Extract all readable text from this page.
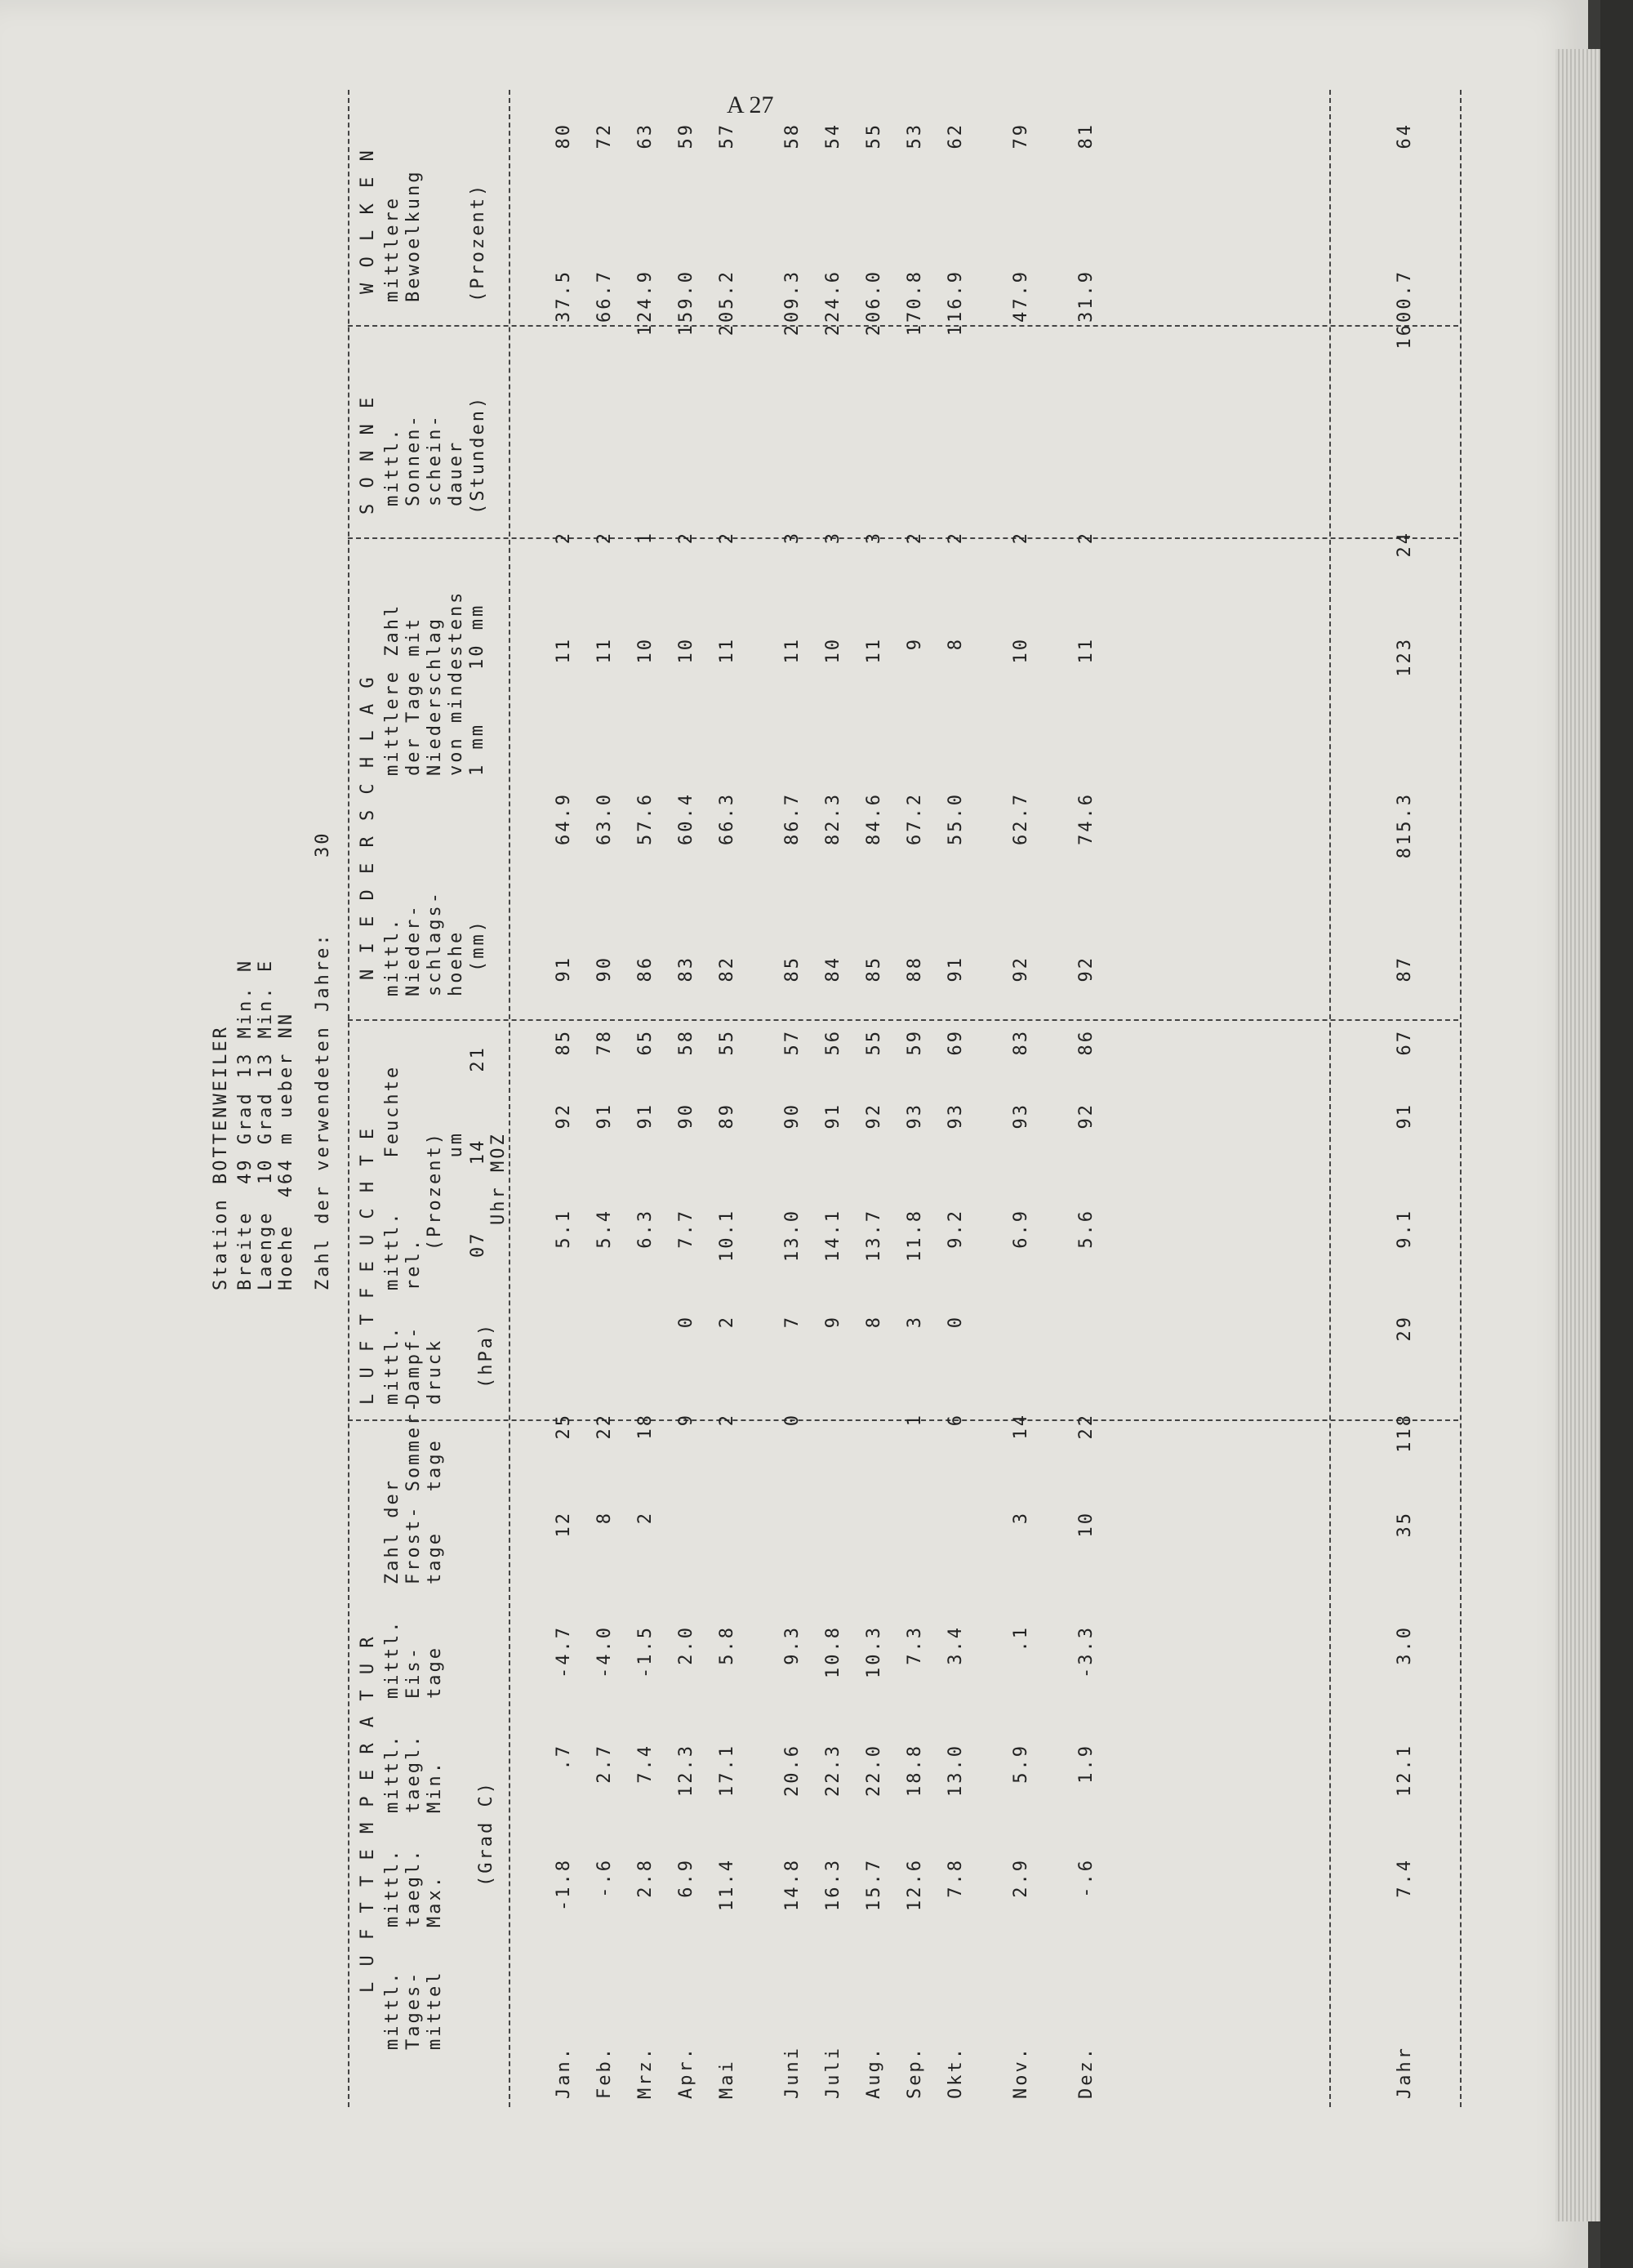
A 27
Station BOTTENWEILER Breite  49 Grad 13 Min. N Laenge  10 Grad 13 Min. E Hoehe  464 m ueber NN Zahl der verwendeten Jahre:
30
L U F T T E M P E R A T U R
L U F T F E U C H T E
N I E D E R S C H L A G
S O N N E
W O L K E N
mittl.
Tages-
mittel
mittl.
taegl.
Max.
mittl.
taegl.
Min.
mittl.
Eis-
tage
Zahl der
Frost- Sommer-
tage   tage
mittl.
Dampf-
druck
mittl.    Feuchte
rel.
(Prozent)
um
mittl.
Nieder-
schlags-
hoehe
mittlere Zahl
der Tage mit
Niederschlag
von mindestens
1 mm    10 mm
mittl.
Sonnen-
schein-
dauer
mittlere
Bewoelkung
(Grad C)
(hPa)
07     14     21 Uhr MOZ
(mm)
(Stunden)
(Prozent)
Jan.
-1.8
.7
-4.7
12
25
5.1
92
85
91
64.9
11
2
37.5
80
Feb.
-.6
2.7
-4.0
8
22
5.4
91
78
90
63.0
11
2
66.7
72
Mrz.
2.8
7.4
-1.5
2
18
6.3
91
65
86
57.6
10
1
124.9
63
Apr.
6.9
12.3
2.0
9
0
7.7
90
58
83
60.4
10
2
159.0
59
Mai
11.4
17.1
5.8
2
2
10.1
89
55
82
66.3
11
2
205.2
57
Juni
14.8
20.6
9.3
0
7
13.0
90
57
85
86.7
11
3
209.3
58
Juli
16.3
22.3
10.8
9
14.1
91
56
84
82.3
10
3
224.6
54
Aug.
15.7
22.0
10.3
8
13.7
92
55
85
84.6
11
3
206.0
55
Sep.
12.6
18.8
7.3
1
3
11.8
93
59
88
67.2
9
2
170.8
53
Okt.
7.8
13.0
3.4
6
0
9.2
93
69
91
55.0
8
2
116.9
62
Nov.
2.9
5.9
.1
3
14
6.9
93
83
92
62.7
10
2
47.9
79
Dez.
-.6
1.9
-3.3
10
22
5.6
92
86
92
74.6
11
2
31.9
81
Jahr
7.4
12.1
3.0
35
118
29
9.1
91
67
87
815.3
123
24
1600.7
64
